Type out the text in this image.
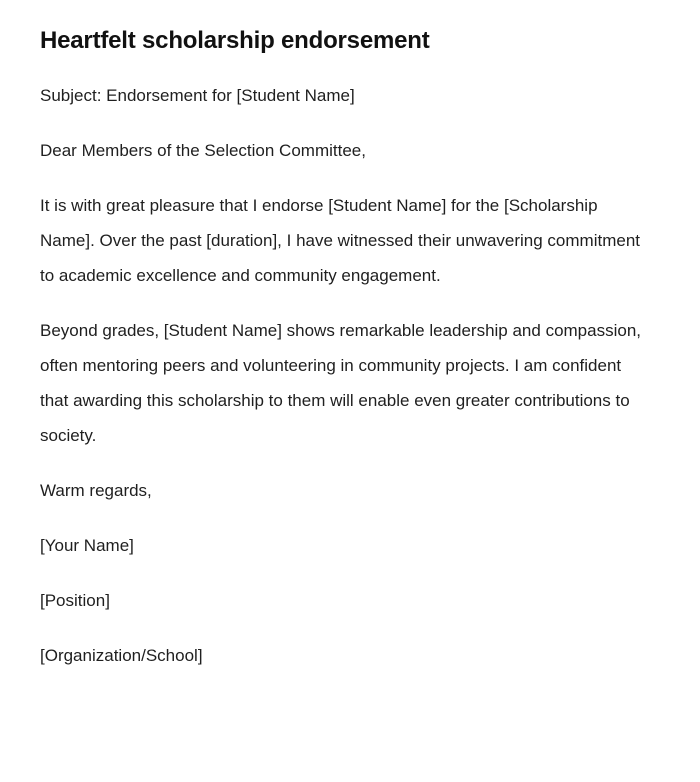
Heartfelt scholarship endorsement

Subject: Endorsement for [Student Name]

Dear Members of the Selection Committee,

It is with great pleasure that I endorse [Student Name] for the [Scholarship Name]. Over the past [duration], I have witnessed their unwavering commitment to academic excellence and community engagement.

Beyond grades, [Student Name] shows remarkable leadership and compassion, often mentoring peers and volunteering in community projects. I am confident that awarding this scholarship to them will enable even greater contributions to society.

Warm regards,

[Your Name]

[Position]

[Organization/School]
